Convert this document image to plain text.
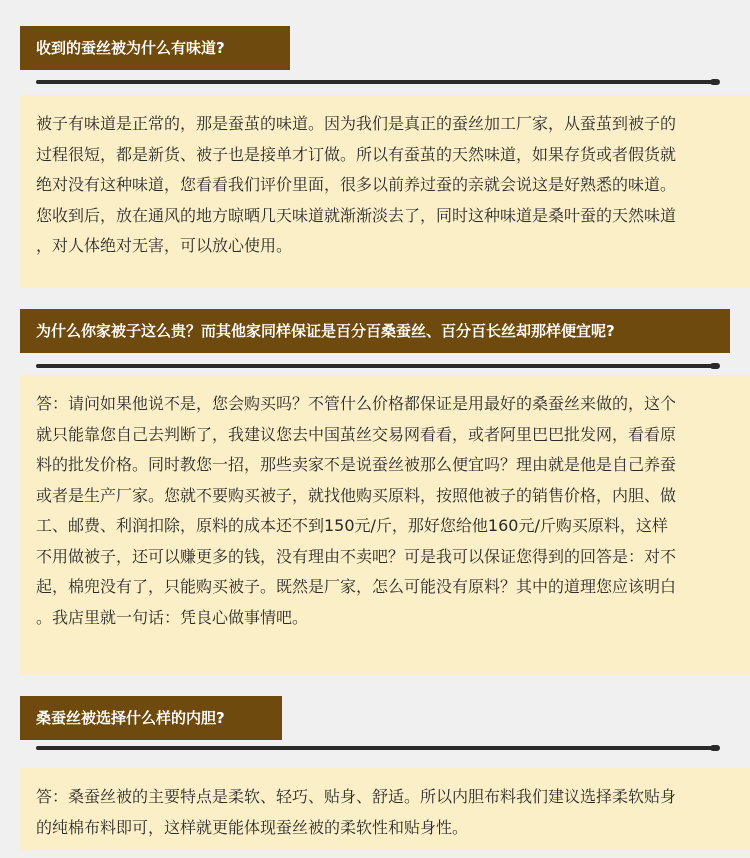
收到的蚕丝被为什么有味道?

被子有味道是正常的，那是蚕茧的味道。因为我们是真正的蚕丝加工厂家，从蚕茧到被子的

过程很短，都是新货、被子也是接单才订做。所以有蚕茧的天然味道，如果存货或者假货就

绝对没有这种味道，您看看我们评价里面，很多以前养过蚕的亲就会说这是好熟悉的味道。

您收到后，放在通风的地方晾晒几天味道就渐渐淡去了，同时这种味道是桑叶蚕的天然味道

，对人体绝对无害，可以放心使用。

为什么你家被子这么贵？而其他家同样保证是百分百桑蚕丝、百分百长丝却那样便宜呢?

答：请问如果他说不是，您会购买吗？不管什么价格都保证是用最好的桑蚕丝来做的，这个

就只能靠您自己去判断了，我建议您去中国茧丝交易网看看，或者阿里巴巴批发网，看看原

料的批发价格。同时教您一招，那些卖家不是说蚕丝被那么便宜吗？理由就是他是自己养蚕

或者是生产厂家。您就不要购买被子，就找他购买原料，按照他被子的销售价格，内胆、做

工、邮费、利润扣除，原料的成本还不到150元/斤，那好您给他160元/斤购买原料，这样

不用做被子，还可以赚更多的钱，没有理由不卖吧？可是我可以保证您得到的回答是：对不

起，棉兜没有了，只能购买被子。既然是厂家，怎么可能没有原料？其中的道理您应该明白

。我店里就一句话：凭良心做事情吧。

桑蚕丝被选择什么样的内胆?

答：桑蚕丝被的主要特点是柔软、轻巧、贴身、舒适。所以内胆布料我们建议选择柔软贴身

的纯棉布料即可，这样就更能体现蚕丝被的柔软性和贴身性。
